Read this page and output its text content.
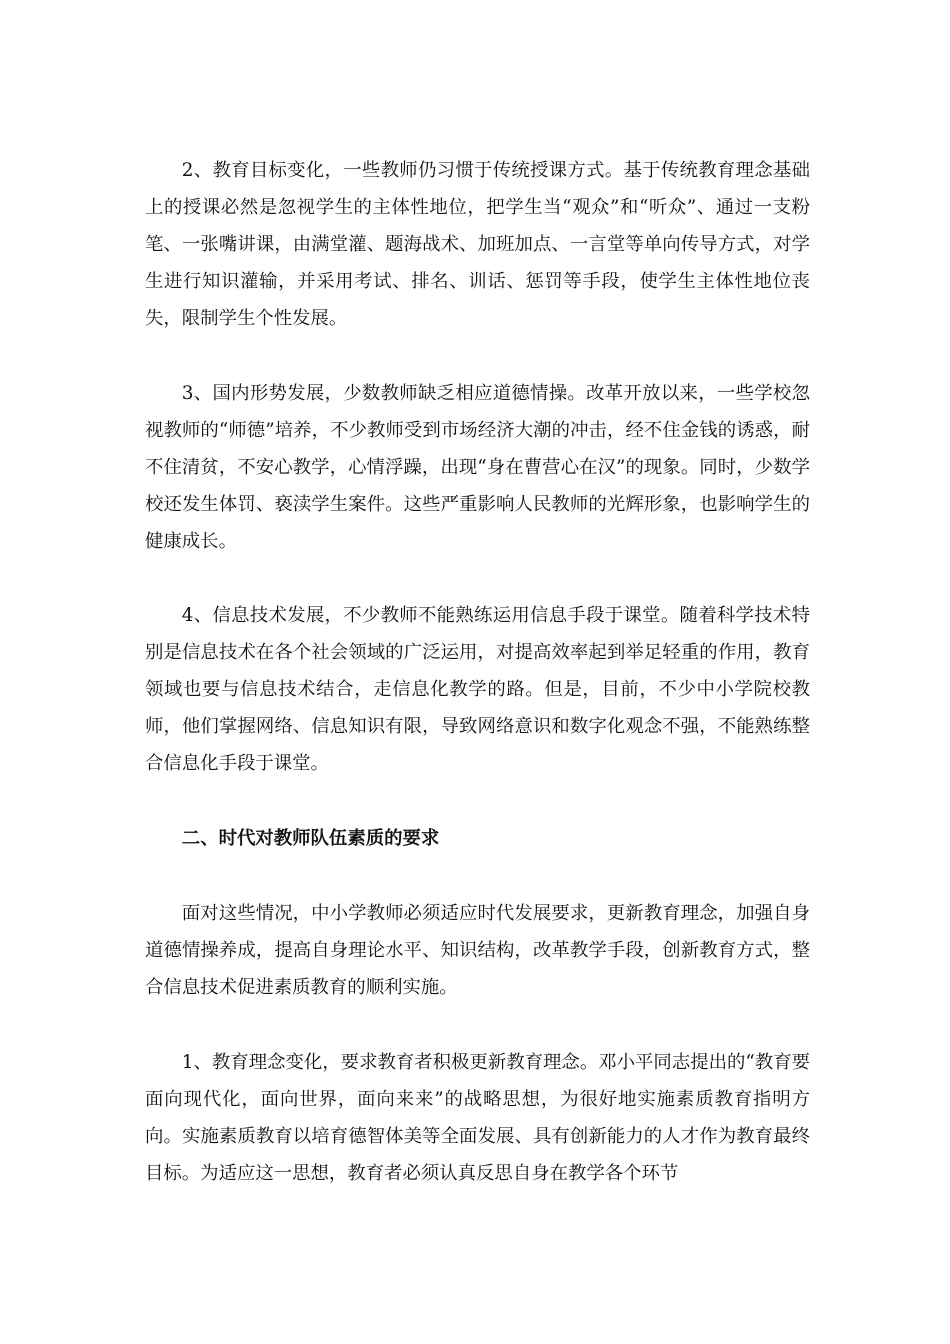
2、教育目标变化，一些教师仍习惯于传统授课方式。基于传统教育理念基础上的授课必然是忽视学生的主体性地位，把学生当“观众”和“听众”、通过一支粉笔、一张嘴讲课，由满堂灌、题海战术、加班加点、一言堂等单向传导方式，对学生进行知识灌输，并采用考试、排名、训话、惩罚等手段，使学生主体性地位丧失，限制学生个性发展。

3、国内形势发展，少数教师缺乏相应道德情操。改革开放以来，一些学校忽视教师的“师德”培养，不少教师受到市场经济大潮的冲击，经不住金钱的诱惑，耐不住清贫，不安心教学，心情浮躁，出现“身在曹营心在汉”的现象。同时，少数学校还发生体罚、亵渎学生案件。这些严重影响人民教师的光辉形象，也影响学生的健康成长。

4、信息技术发展，不少教师不能熟练运用信息手段于课堂。随着科学技术特别是信息技术在各个社会领域的广泛运用，对提高效率起到举足轻重的作用，教育领域也要与信息技术结合，走信息化教学的路。但是，目前，不少中小学院校教师，他们掌握网络、信息知识有限，导致网络意识和数字化观念不强，不能熟练整合信息化手段于课堂。

二、时代对教师队伍素质的要求

面对这些情况，中小学教师必须适应时代发展要求，更新教育理念，加强自身道德情操养成，提高自身理论水平、知识结构，改革教学手段，创新教育方式，整合信息技术促进素质教育的顺利实施。

1、教育理念变化，要求教育者积极更新教育理念。邓小平同志提出的“教育要面向现代化，面向世界，面向来来”的战略思想，为很好地实施素质教育指明方向。实施素质教育以培育德智体美等全面发展、具有创新能力的人才作为教育最终目标。为适应这一思想，教育者必须认真反思自身在教学各个环节
